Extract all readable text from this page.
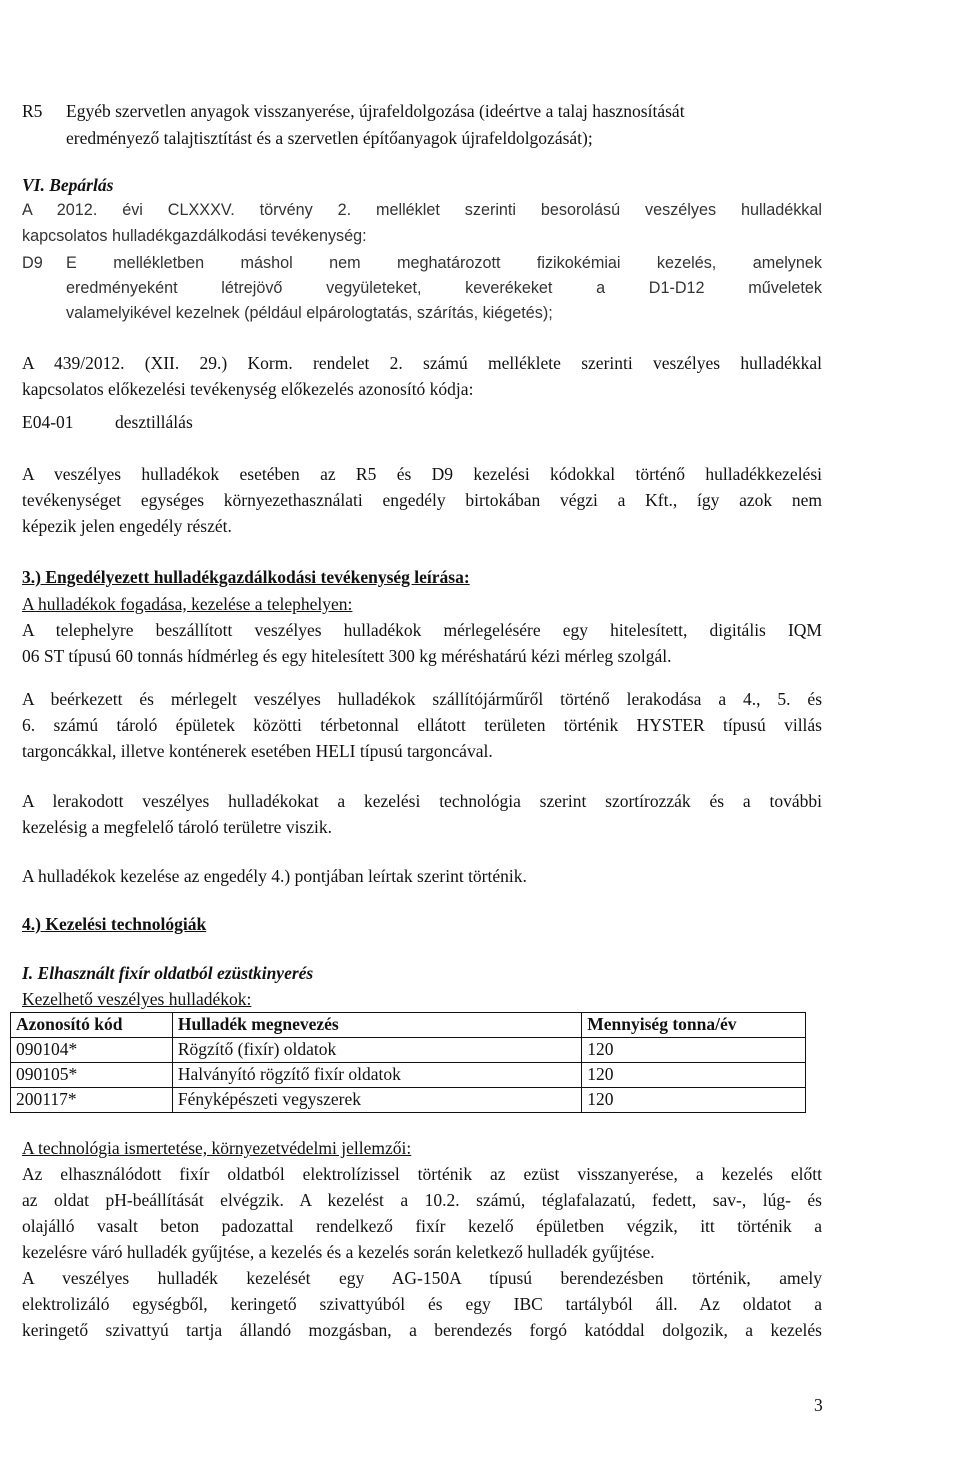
R5 Egyéb szervetlen anyagok visszanyerése, újrafeldolgozása (ideértve a talaj hasznosítását
eredményező talajtisztítást és a szervetlen építőanyagok újrafeldolgozását);
VI. Bepárlás
A 2012. évi CLXXXV. törvény 2. melléklet szerinti besorolású veszélyes hulladékkal
kapcsolatos hulladékgazdálkodási tevékenység:
D9 E mellékletben máshol nem meghatározott fizikokémiai kezelés, amelynek
eredményeként létrejövő vegyületeket, keverékeket a D1-D12 műveletek
valamelyikével kezelnek (például elpárologtatás, szárítás, kiégetés);
A 439/2012. (XII. 29.) Korm. rendelet 2. számú melléklete szerinti veszélyes hulladékkal
kapcsolatos előkezelési tevékenység előkezelés azonosító kódja:
E04-01 desztillálás
A veszélyes hulladékok esetében az R5 és D9 kezelési kódokkal történő hulladékkezelési
tevékenységet egységes környezethasználati engedély birtokában végzi a Kft., így azok nem
képezik jelen engedély részét.
3.) Engedélyezett hulladékgazdálkodási tevékenység leírása:
A hulladékok fogadása, kezelése a telephelyen:
A telephelyre beszállított veszélyes hulladékok mérlegelésére egy hitelesített, digitális IQM
06 ST típusú 60 tonnás hídmérleg és egy hitelesített 300 kg méréshatárú kézi mérleg szolgál.
A beérkezett és mérlegelt veszélyes hulladékok szállítójárműről történő lerakodása a 4., 5. és
6. számú tároló épületek közötti térbetonnal ellátott területen történik HYSTER típusú villás
targoncákkal, illetve konténerek esetében HELI típusú targoncával.
A lerakodott veszélyes hulladékokat a kezelési technológia szerint szortírozzák és a további
kezelésig a megfelelő tároló területre viszik.
A hulladékok kezelése az engedély 4.) pontjában leírtak szerint történik.
4.) Kezelési technológiák
I. Elhasznált fixír oldatból ezüstkinyerés
Kezelhető veszélyes hulladékok:
Azonosító kód	Hulladék megnevezés	Mennyiség tonna/év
090104*	Rögzítő (fixír) oldatok	120
090105*	Halványító rögzítő fixír oldatok	120
200117*	Fényképészeti vegyszerek	120
A technológia ismertetése, környezetvédelmi jellemzői:
Az elhasználódott fixír oldatból elektrolízissel történik az ezüst visszanyerése, a kezelés előtt
az oldat pH-beállítását elvégzik. A kezelést a 10.2. számú, téglafalazatú, fedett, sav-, lúg- és
olajálló vasalt beton padozattal rendelkező fixír kezelő épületben végzik, itt történik a
kezelésre váró hulladék gyűjtése, a kezelés és a kezelés során keletkező hulladék gyűjtése.
A veszélyes hulladék kezelését egy AG-150A típusú berendezésben történik, amely
elektrolizáló egységből, keringető szivattyúból és egy IBC tartályból áll. Az oldatot a
keringető szivattyú tartja állandó mozgásban, a berendezés forgó katóddal dolgozik, a kezelés
3
